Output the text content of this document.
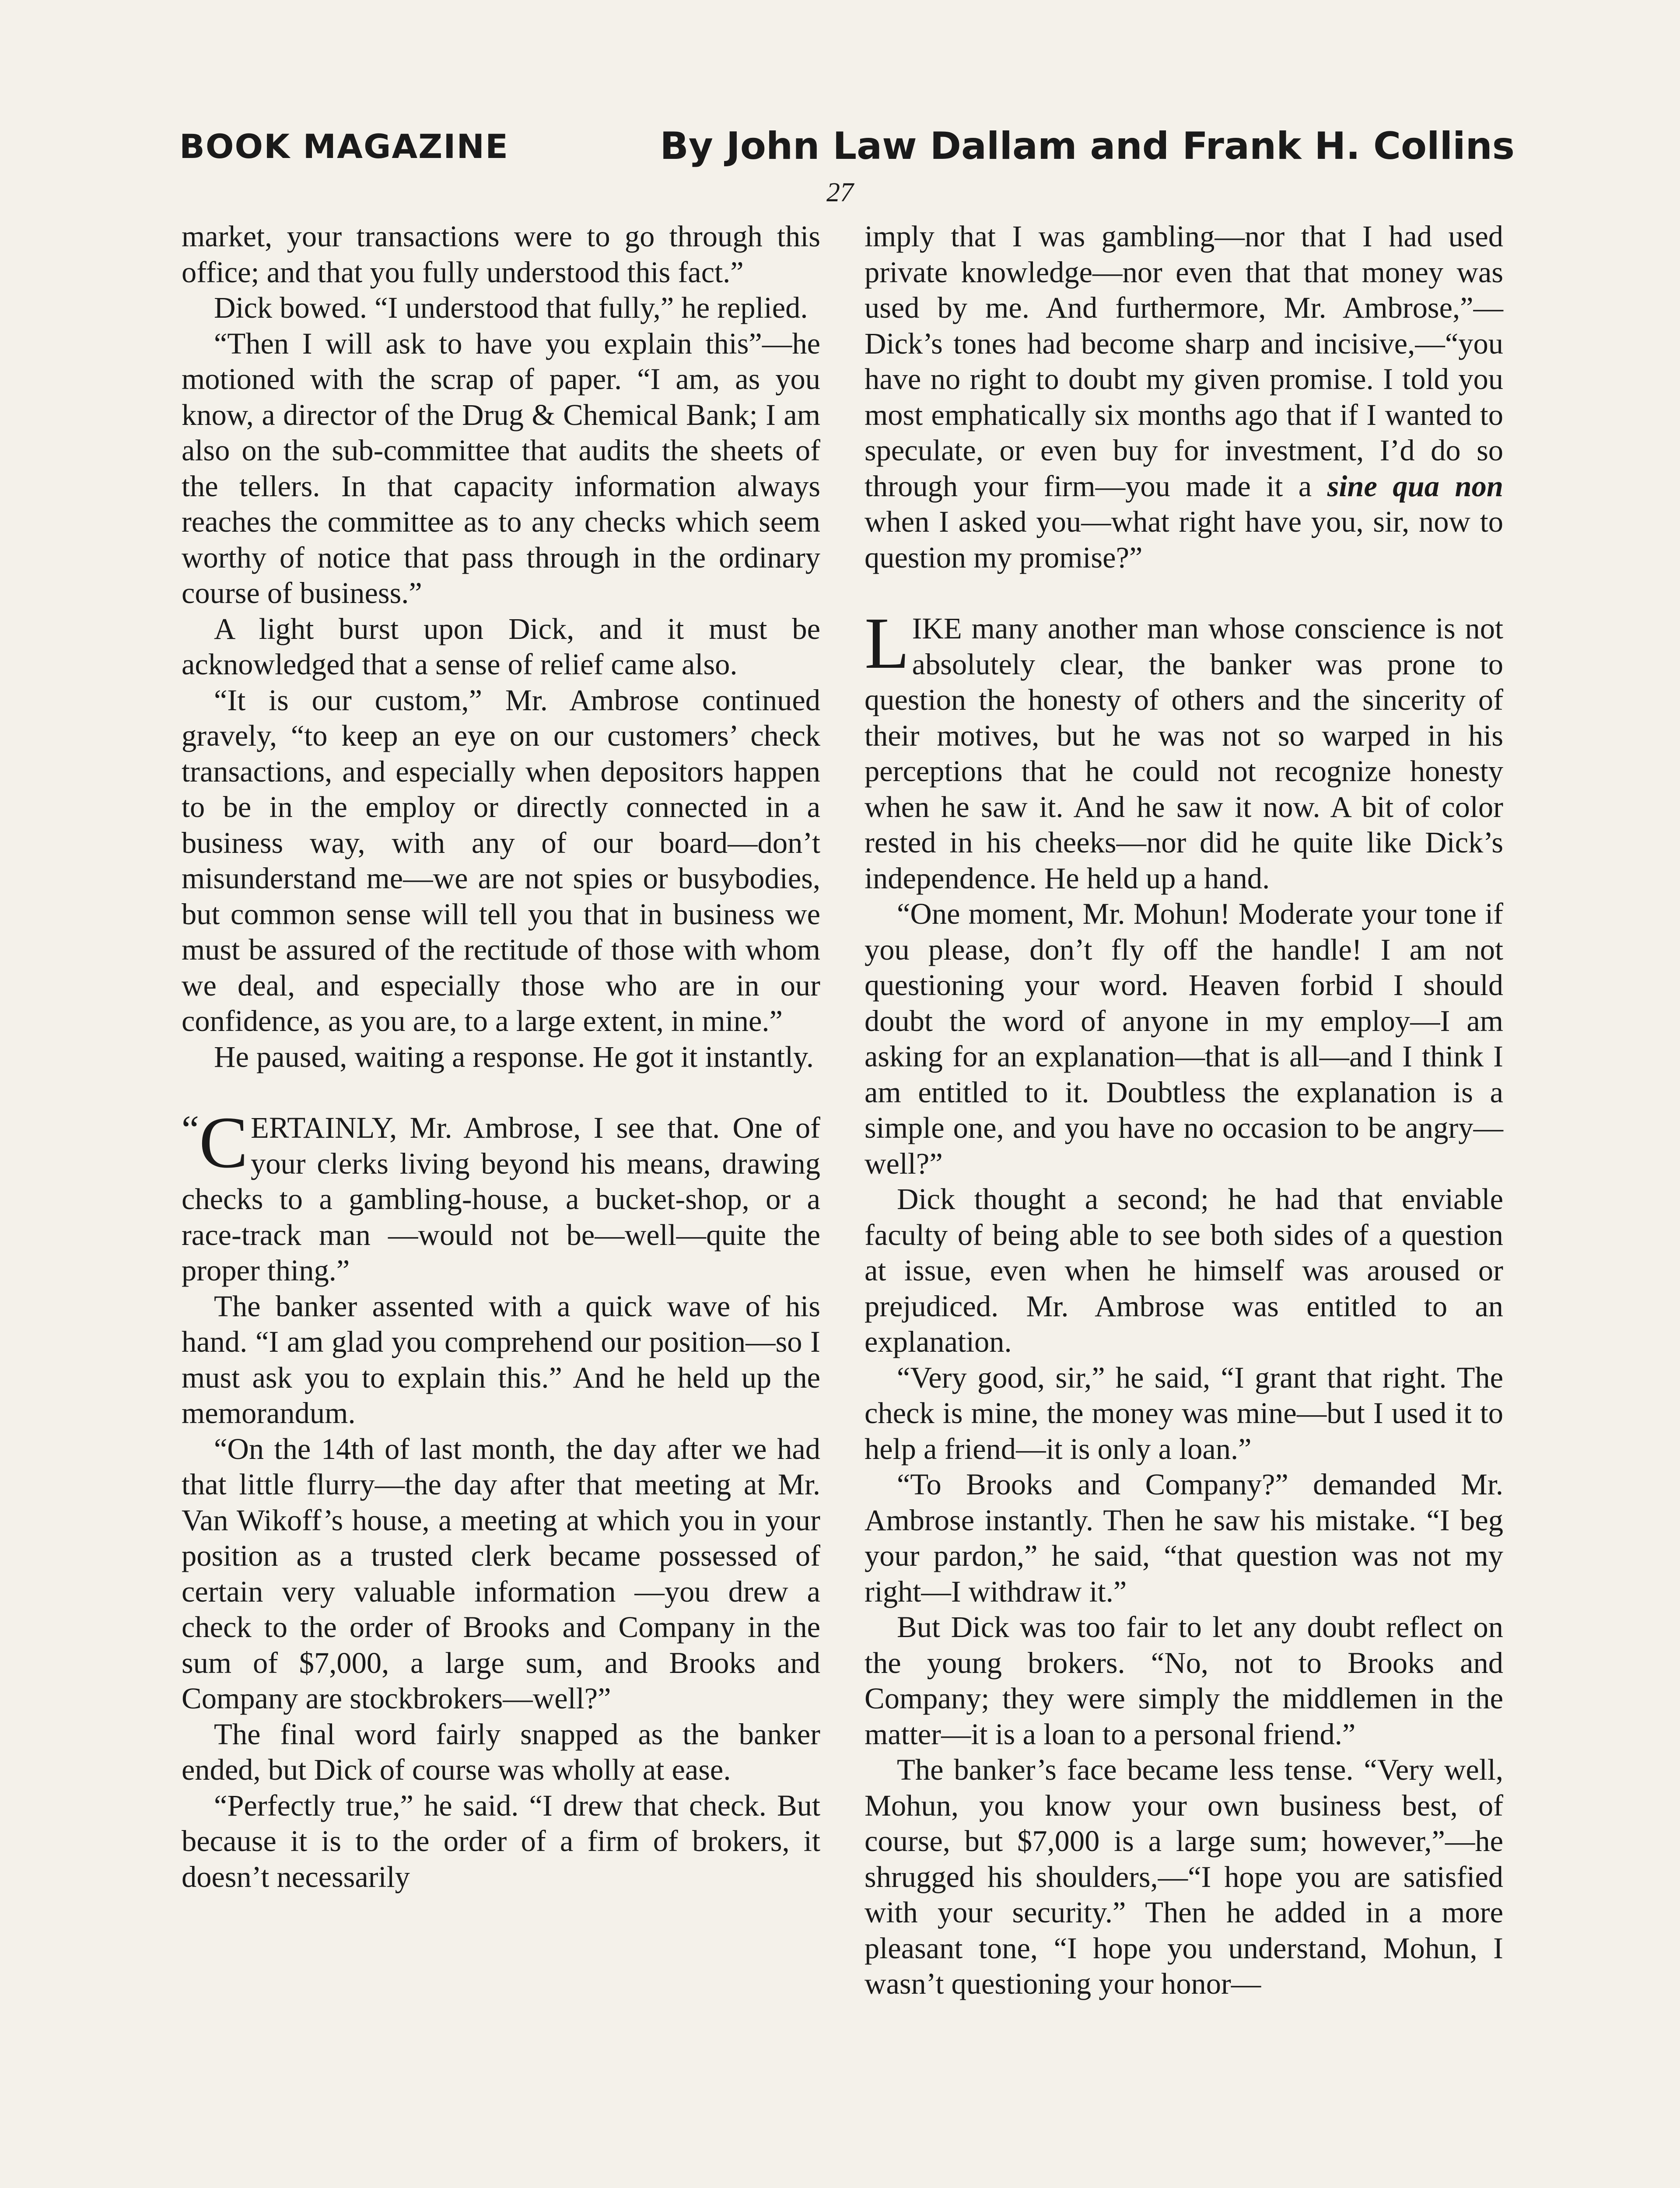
BOOK MAGAZINE	By John Law Dallam and Frank H. Collins
27

market, your transactions were to go through this office; and that you fully understood this fact.”

Dick bowed. “I understood that fully,” he replied.

“Then I will ask to have you explain this”—he motioned with the scrap of paper. “I am, as you know, a director of the Drug & Chemical Bank; I am also on the sub-committee that audits the sheets of the tellers. In that capacity information always reaches the committee as to any checks which seem worthy of notice that pass through in the ordinary course of business.”

A light burst upon Dick, and it must be acknowledged that a sense of relief came also.

“It is our custom,” Mr. Ambrose continued gravely, “to keep an eye on our customers’ check transactions, and especially when depositors happen to be in the employ or directly connected in a business way, with any of our board—don’t misunderstand me—we are not spies or busybodies, but common sense will tell you that in business we must be assured of the rectitude of those with whom we deal, and especially those who are in our confidence, as you are, to a large extent, in mine.”

He paused, waiting a response. He got it instantly.

“ C ERTAINLY, Mr. Ambrose, I see that. One of your clerks living beyond his means, drawing checks to a gambling-house, a bucket-shop, or a race-track man —would not be—well—quite the proper thing.”

The banker assented with a quick wave of his hand. “I am glad you comprehend our position—so I must ask you to explain this.” And he held up the memorandum.

“On the 14th of last month, the day after we had that little flurry—the day after that meeting at Mr. Van Wikoff’s house, a meeting at which you in your position as a trusted clerk became possessed of certain very valuable information —you drew a check to the order of Brooks and Company in the sum of $7,000, a large sum, and Brooks and Company are stockbrokers—well?”

The final word fairly snapped as the banker ended, but Dick of course was wholly at ease.

“Perfectly true,” he said. “I drew that check. But because it is to the order of a firm of brokers, it doesn’t necessarily

imply that I was gambling—nor that I had used private knowledge—nor even that that money was used by me. And furthermore, Mr. Ambrose,”—Dick’s tones had become sharp and incisive,—“you have no right to doubt my given promise. I told you most emphatically six months ago that if I wanted to speculate, or even buy for investment, I’d do so through your firm—you made it a sine qua non when I asked you—what right have you, sir, now to question my promise?”

LIKE many another man whose conscience is not absolutely clear, the banker was prone to question the honesty of others and the sincerity of their motives, but he was not so warped in his perceptions that he could not recognize honesty when he saw it. And he saw it now. A bit of color rested in his cheeks—nor did he quite like Dick’s independence. He held up a hand.

“One moment, Mr. Mohun! Moderate your tone if you please, don’t fly off the handle! I am not questioning your word. Heaven forbid I should doubt the word of anyone in my employ—I am asking for an explanation—that is all—and I think I am entitled to it. Doubtless the explanation is a simple one, and you have no occasion to be angry—well?”

Dick thought a second; he had that enviable faculty of being able to see both sides of a question at issue, even when he himself was aroused or prejudiced. Mr. Ambrose was entitled to an explanation.

“Very good, sir,” he said, “I grant that right. The check is mine, the money was mine—but I used it to help a friend—it is only a loan.”

“To Brooks and Company?” demanded Mr. Ambrose instantly. Then he saw his mistake. “I beg your pardon,” he said, “that question was not my right—I withdraw it.”

But Dick was too fair to let any doubt reflect on the young brokers. “No, not to Brooks and Company; they were simply the middlemen in the matter—it is a loan to a personal friend.”

The banker’s face became less tense. “Very well, Mohun, you know your own business best, of course, but $7,000 is a large sum; however,”—he shrugged his shoulders,—“I hope you are satisfied with your security.” Then he added in a more pleasant tone, “I hope you understand, Mohun, I wasn’t questioning your honor—
